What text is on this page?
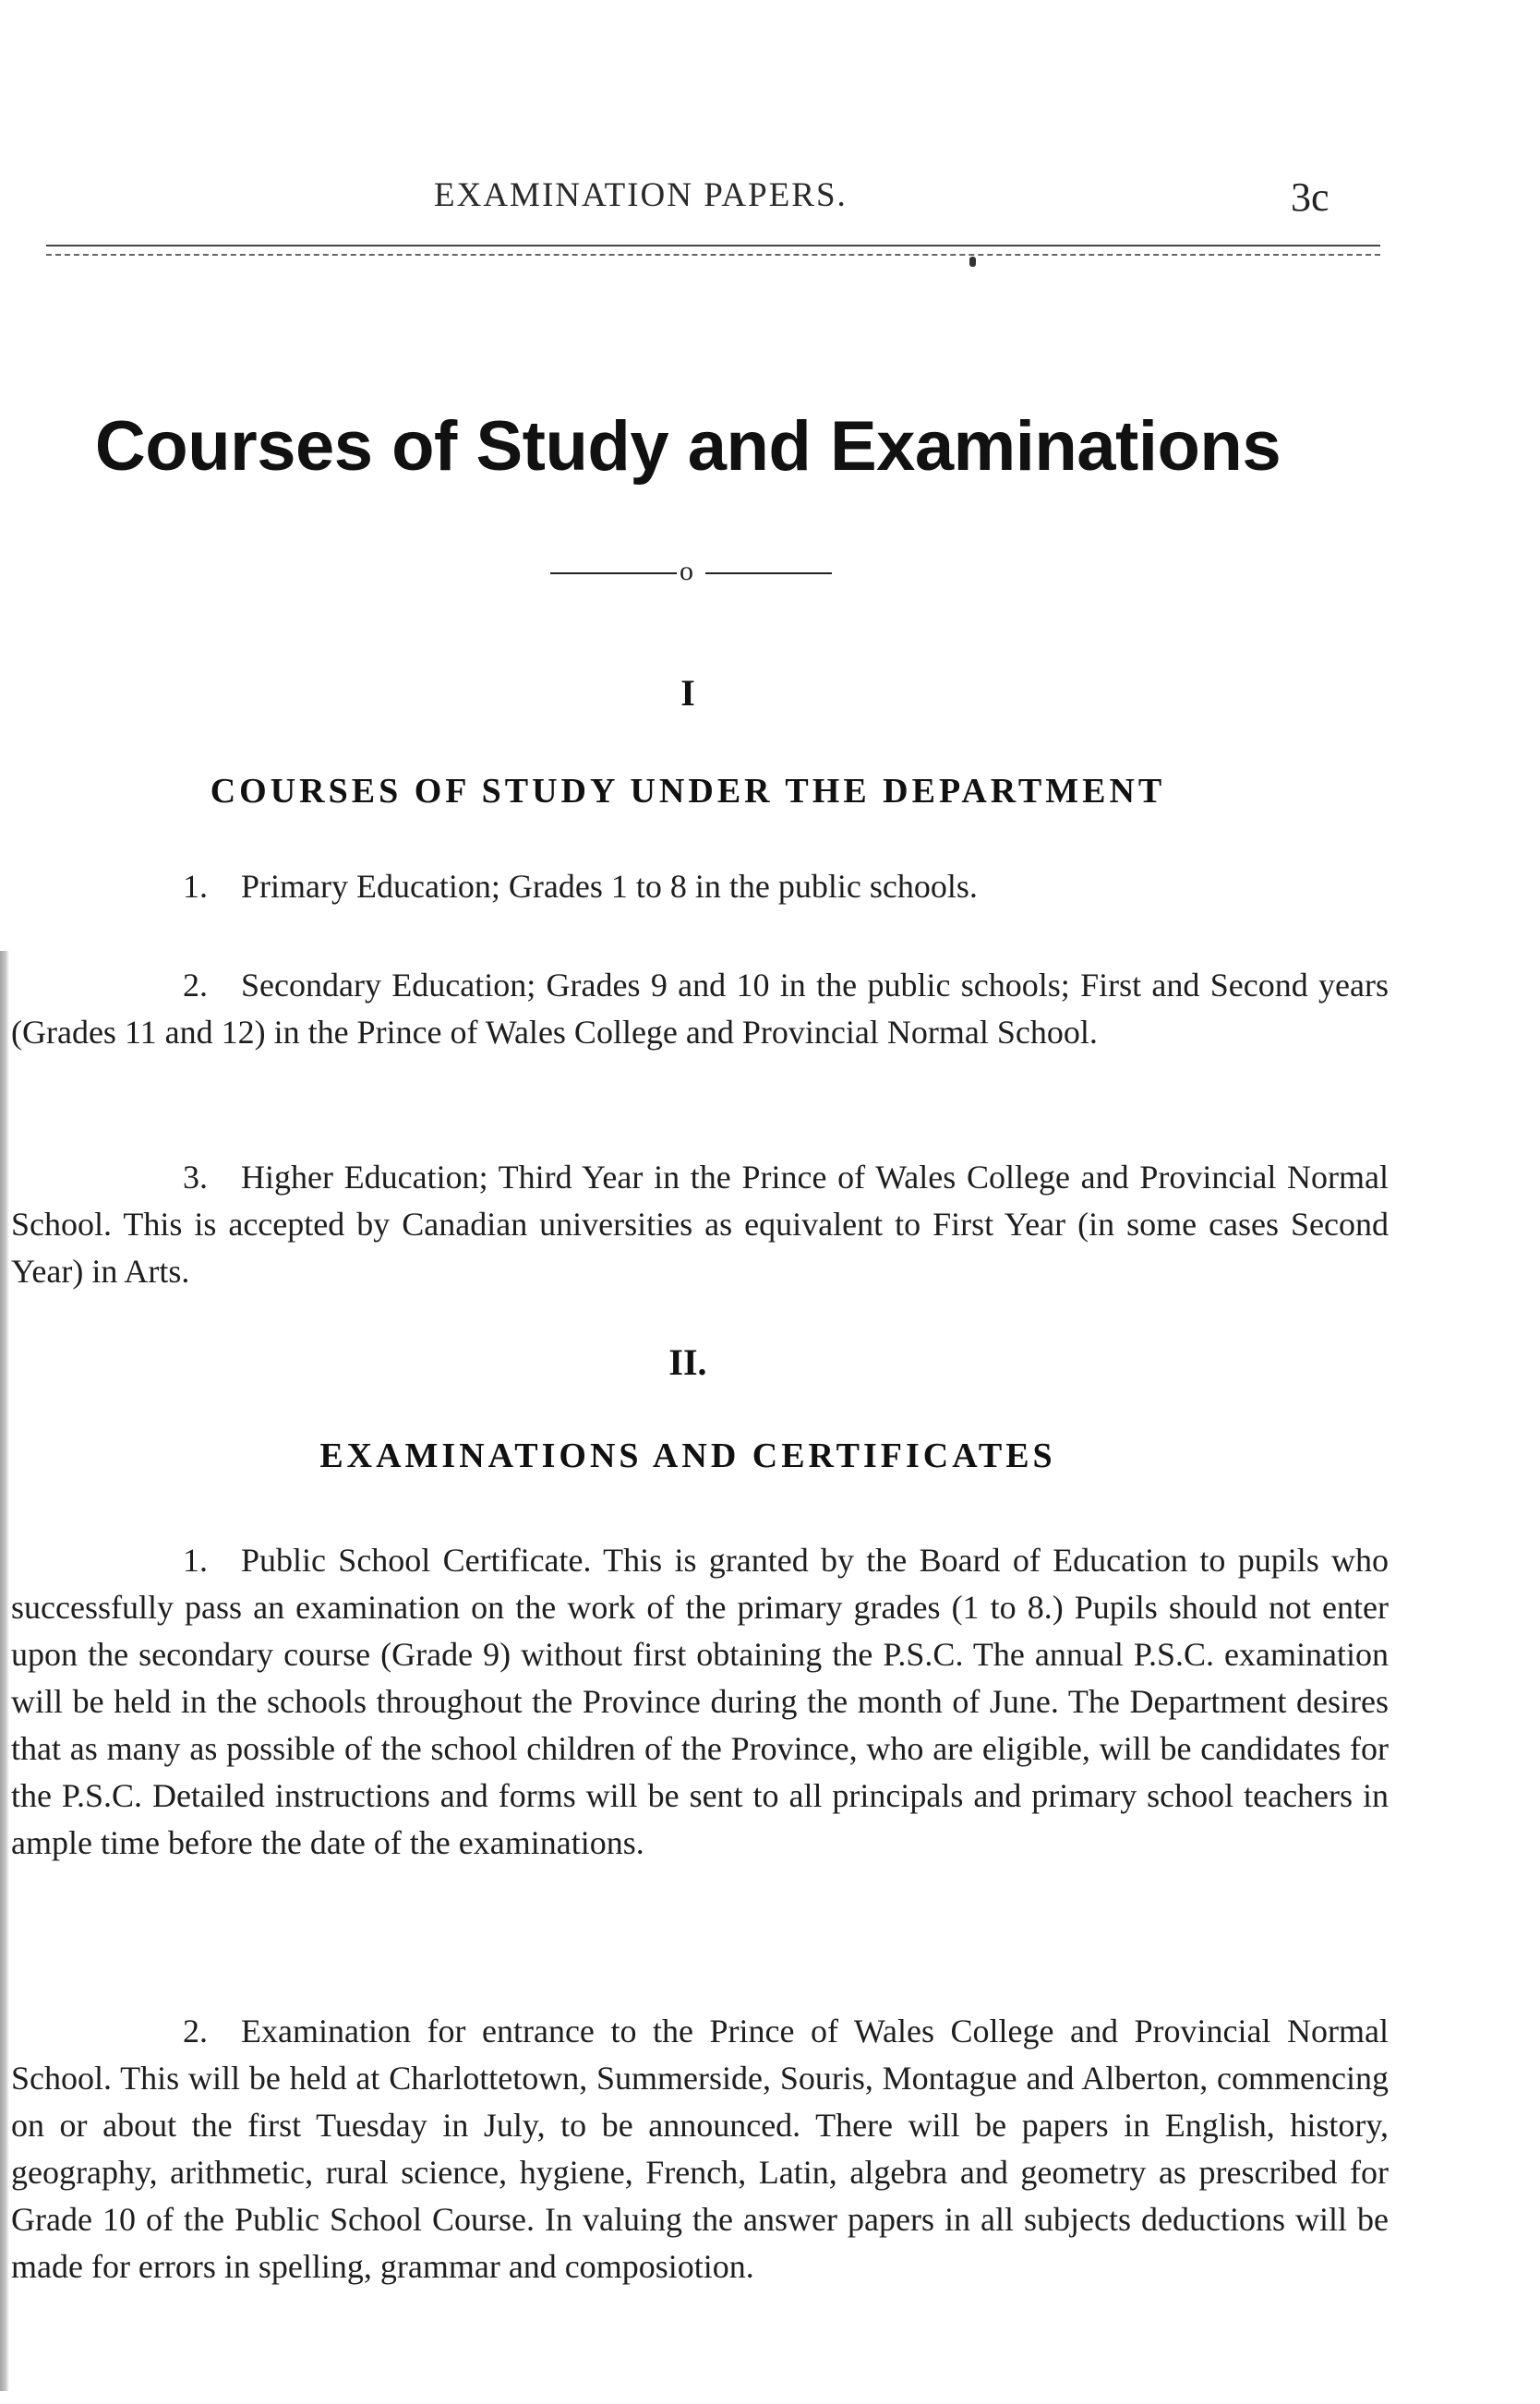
EXAMINATION PAPERS.	3c
Courses of Study and Examinations
o
I
COURSES OF STUDY UNDER THE DEPARTMENT

1. Primary Education; Grades 1 to 8 in the public schools.

2. Secondary Education; Grades 9 and 10 in the public schools; First and Second years (Grades 11 and 12) in the Prince of Wales College and Provincial Normal School.

3. Higher Education; Third Year in the Prince of Wales College and Provincial Normal School. This is accepted by Canadian universities as equivalent to First Year (in some cases Second Year) in Arts.

II.
EXAMINATIONS AND CERTIFICATES

1. Public School Certificate. This is granted by the Board of Education to pupils who successfully pass an examination on the work of the primary grades (1 to 8.) Pupils should not enter upon the secondary course (Grade 9) without first obtaining the P.S.C. The annual P.S.C. examination will be held in the schools throughout the Province during the month of June. The Department desires that as many as possible of the school children of the Province, who are eligible, will be candidates for the P.S.C. Detailed instructions and forms will be sent to all principals and primary school teachers in ample time before the date of the examinations.

2. Examination for entrance to the Prince of Wales College and Provincial Normal School. This will be held at Charlottetown, Summerside, Souris, Montague and Alberton, commencing on or about the first Tuesday in July, to be announced. There will be papers in English, history, geography, arithmetic, rural science, hygiene, French, Latin, algebra and geometry as prescribed for Grade 10 of the Public School Course. In valuing the answer papers in all subjects deductions will be made for errors in spelling, grammar and composiotion.
